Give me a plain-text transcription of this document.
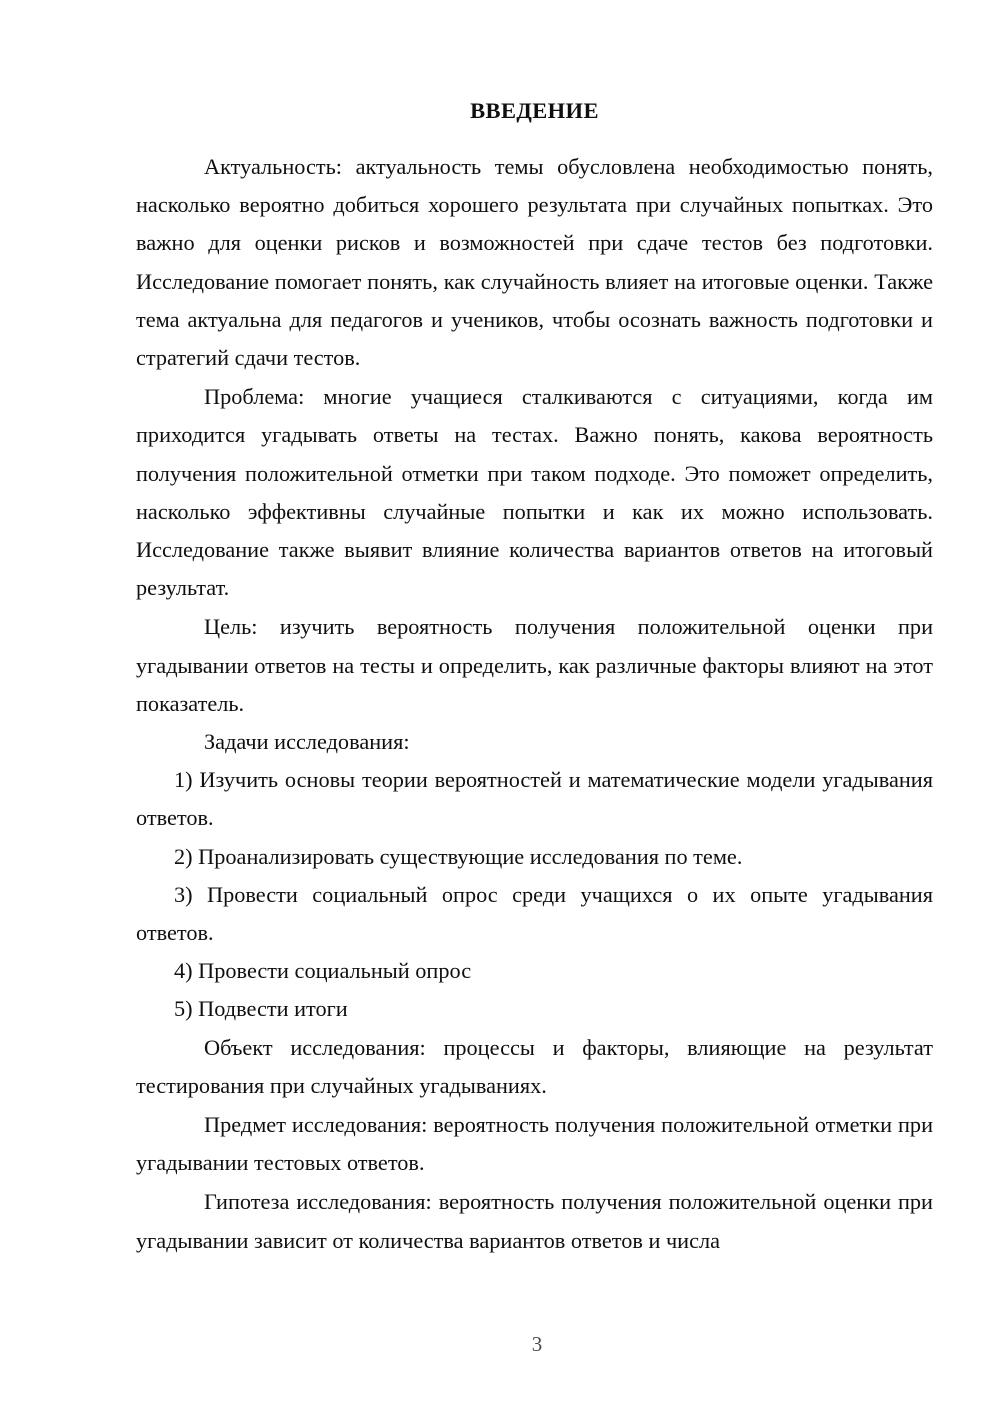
ВВЕДЕНИЕ

Актуальность: актуальность темы обусловлена необходимостью понять, насколько вероятно добиться хорошего результата при случайных попытках. Это важно для оценки рисков и возможностей при сдаче тестов без подготовки. Исследование помогает понять, как случайность влияет на итоговые оценки. Также тема актуальна для педагогов и учеников, чтобы осознать важность подготовки и стратегий сдачи тестов.

Проблема: многие учащиеся сталкиваются с ситуациями, когда им приходится угадывать ответы на тестах. Важно понять, какова вероятность получения положительной отметки при таком подходе. Это поможет определить, насколько эффективны случайные попытки и как их можно использовать. Исследование также выявит влияние количества вариантов ответов на итоговый результат.

Цель: изучить вероятность получения положительной оценки при угадывании ответов на тесты и определить, как различные факторы влияют на этот показатель.

Задачи исследования:

1) Изучить основы теории вероятностей и математические модели угадывания ответов.
2) Проанализировать существующие исследования по теме.
3) Провести социальный опрос среди учащихся о их опыте угадывания ответов.
4) Провести социальный опрос
5) Подвести итоги

Объект исследования: процессы и факторы, влияющие на результат тестирования при случайных угадываниях.

Предмет исследования: вероятность получения положительной отметки при угадывании тестовых ответов.

Гипотеза исследования: вероятность получения положительной оценки при угадывании зависит от количества вариантов ответов и числа

3
